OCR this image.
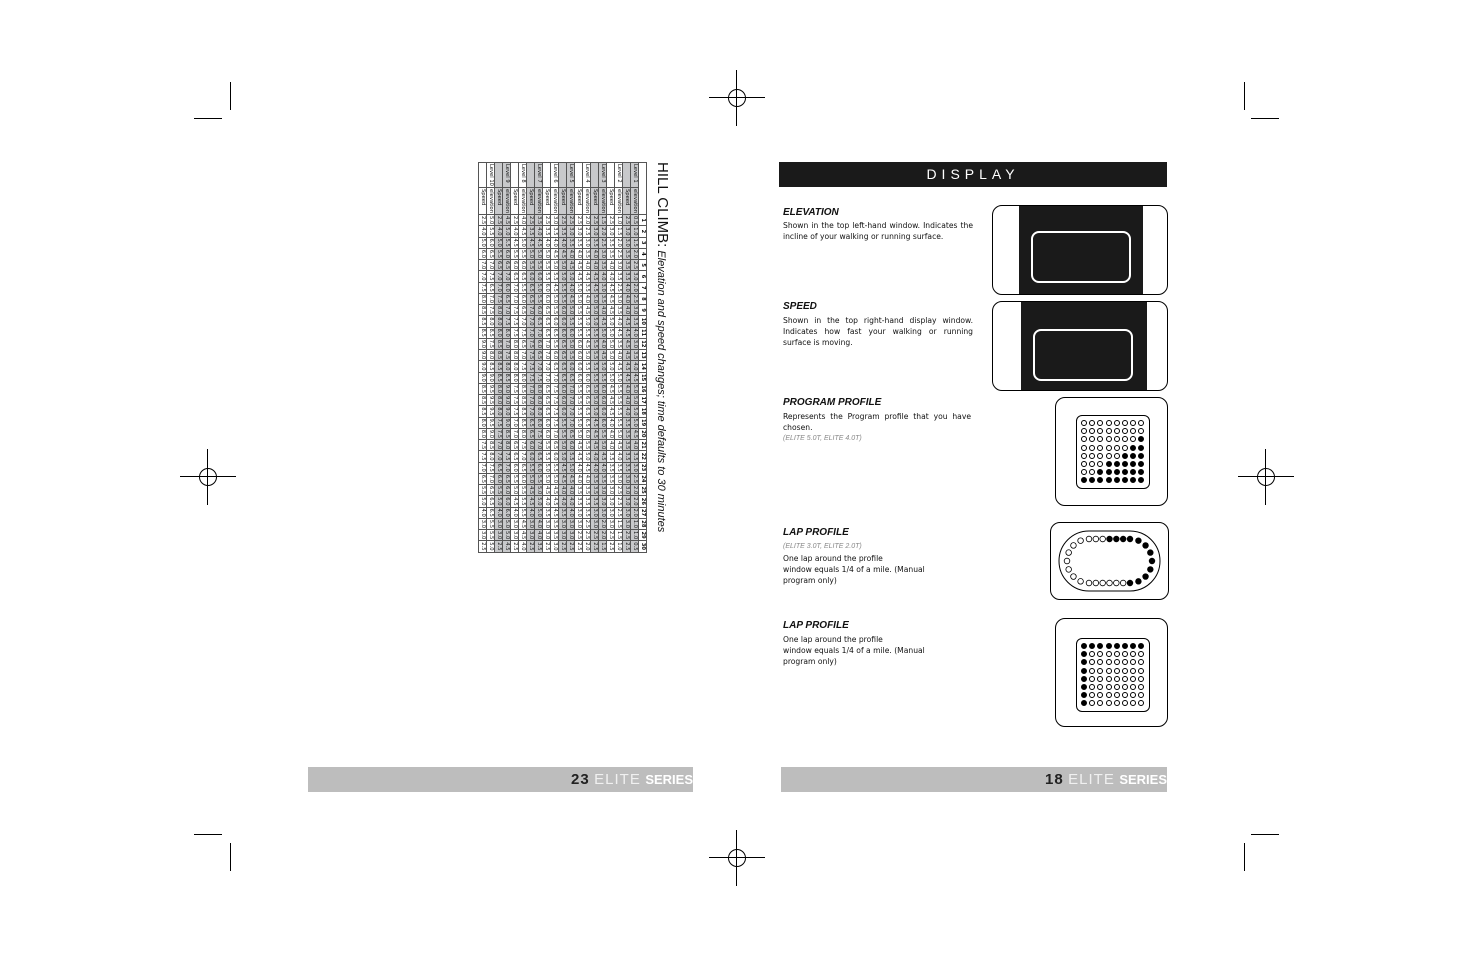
HILL CLIMB: Elevation and speed changes; time defaults to 30 minutes
		1	2	3	4	5	6	7	8	9	10	11	12	13	14	15	16	17	18	19	20	21	22	23	24	25	26	27	28	29	30
Level 1	elevation	0.5	1.0	1.5	2.0	2.5	3.0	2.0	2.5	3.0	3.5	4.0	3.0	3.5	4.0	4.5	5.0	5.0	5.0	5.0	4.5	4.0	3.5	3.0	2.5	2.0	2.0	2.0	1.0	1.0	0.5
	Speed	2.5	3.0	3.0	3.5	3.5	3.5	4.0	4.0	4.0	4.5	4.5	4.5	4.5	4.5	4.5	4.0	4.0	4.0	3.5	3.5	3.5	3.5	3.5	3.0	3.0	3.0	3.0	3.0	2.5	2.5
Level 2	elevation	1.0	1.5	2.0	2.5	3.0	3.5	2.5	3.0	3.5	4.0	4.5	3.5	4.0	4.5	5.0	5.5	5.5	5.5	5.5	5.0	4.5	4.0	3.5	3.0	2.5	2.5	2.5	1.5	1.5	1.0
	Speed	2.5	3.0	3.5	3.5	4.0	4.0	4.5	4.5	4.5	5.0	5.0	5.0	5.0	5.0	5.0	4.5	4.5	4.5	4.0	4.0	4.0	3.5	3.5	3.5	3.0	3.0	3.0	3.0	2.5	2.5
Level 3	elevation	1.5	2.0	2.5	3.0	3.5	4.0	3.0	3.5	4.0	4.5	5.0	4.0	4.5	5.0	5.5	6.0	6.0	6.0	6.0	5.5	5.0	4.5	4.0	3.5	3.0	3.0	3.0	2.0	2.0	1.5
	Speed	2.5	3.0	3.5	4.0	4.0	4.5	4.5	5.0	5.0	5.0	5.5	5.5	5.5	5.5	5.5	5.0	5.0	5.0	4.5	4.5	4.5	4.0	4.0	3.5	3.5	3.5	3.0	3.0	2.5	2.5
Level 4	elevation	2.0	2.5	3.0	3.5	4.0	4.5	3.5	4.0	4.5	5.0	5.5	4.5	5.0	5.5	6.0	6.5	6.5	6.5	6.5	6.0	5.5	5.0	4.5	4.0	3.5	3.5	3.5	2.5	2.5	2.0
	Speed	2.5	3.0	3.5	4.0	4.5	4.5	5.0	5.0	5.5	5.5	5.5	6.0	6.0	6.0	6.0	5.5	5.5	5.5	5.0	5.0	4.5	4.5	4.0	4.0	3.5	3.5	3.0	3.0	2.5	2.5
Level 5	elevation	2.5	3.0	3.5	4.0	4.5	5.0	4.0	4.5	5.0	5.5	6.0	5.0	5.5	6.0	6.5	7.0	7.0	7.0	7.0	6.5	6.0	5.5	5.0	4.5	4.0	4.0	4.0	3.0	3.0	2.5
	Speed	2.5	3.5	4.0	4.5	5.0	5.0	5.5	5.5	6.0	6.0	6.0	6.5	6.5	6.5	6.5	6.0	6.0	6.0	5.5	5.5	5.0	5.0	4.5	4.5	4.0	4.0	3.5	3.0	3.0	2.5
Level 6	elevation	3.0	3.5	4.0	4.5	5.0	5.5	4.5	5.0	5.5	6.0	6.5	5.5	6.0	6.5	7.0	7.5	7.5	7.5	7.5	7.0	6.5	6.0	5.5	5.0	4.5	4.5	4.5	3.5	3.5	3.0
	Speed	2.5	3.5	4.0	5.0	5.5	5.5	6.0	6.0	6.5	6.5	6.5	7.0	7.0	7.0	7.0	6.5	6.5	6.5	6.0	6.0	5.5	5.5	5.0	5.0	4.5	4.0	3.5	3.0	3.0	2.5
Level 7	elevation	3.5	4.0	4.5	5.0	5.5	6.0	5.0	5.5	6.0	6.5	7.0	6.0	6.5	7.0	7.5	8.0	8.0	8.0	8.0	7.5	7.0	6.5	6.0	5.5	5.0	5.0	5.0	4.0	4.0	3.5
	Speed	2.5	3.5	4.5	5.0	5.5	6.0	6.5	6.5	7.0	7.0	7.0	7.5	7.5	7.5	7.5	7.0	7.0	7.0	6.5	6.5	6.0	6.0	5.5	5.0	4.5	4.5	4.0	3.0	3.0	2.5
Level 8	elevation	4.0	4.5	5.0	5.5	6.0	6.5	5.5	6.0	6.5	7.0	7.5	6.5	7.0	7.5	8.0	8.5	8.5	8.5	8.5	8.0	7.5	7.0	6.5	6.0	5.5	5.5	5.5	4.5	4.5	4.0
	Speed	2.5	4.0	4.5	5.5	6.0	6.5	7.0	7.0	7.5	7.5	7.5	8.0	8.0	8.0	8.0	7.5	7.5	7.5	7.0	7.0	6.5	6.5	6.0	5.5	5.0	4.5	4.0	3.0	3.0	2.5
Level 9	elevation	4.5	5.0	5.5	6.0	6.5	7.0	6.0	6.5	7.0	7.5	8.0	7.0	7.5	8.0	8.5	9.0	9.0	9.0	9.0	8.5	8.0	7.5	7.0	6.5	6.0	6.0	6.0	5.0	5.0	4.5
	Speed	2.5	4.0	5.0	5.5	6.5	7.0	7.0	7.5	8.0	8.0	8.0	8.5	8.5	8.5	8.5	8.0	8.0	8.0	7.5	7.5	7.0	7.0	6.5	6.0	5.5	5.0	4.0	3.0	3.0	2.5
Level 10	elevation	5.0	5.5	6.0	6.5	7.0	7.5	6.5	7.0	7.5	8.0	8.5	7.5	8.0	8.5	9.0	9.5	9.5	9.5	9.5	9.0	8.5	8.0	7.5	7.0	6.5	6.5	6.5	5.5	5.5	5.0
	Speed	2.5	4.0	5.0	6.0	7.0	7.0	7.5	8.0	8.5	8.5	8.5	9.0	9.0	9.0	9.0	8.5	8.5	8.5	8.0	8.0	7.5	7.5	7.0	6.5	5.5	5.0	4.0	3.0	3.0	2.5
23 ELITE SERIES
DISPLAY
ELEVATION
Shown in the top left-hand window. Indicates the incline of your walking or running surface.
SPEED
Shown in the top right-hand display window. Indicates how fast your walking or running surface is moving.
PROGRAM PROFILE
Represents the Program profile that you have chosen.
(ELITE 5.0T, ELITE 4.0T)
LAP PROFILE
(ELITE 3.0T, ELITE 2.0T)
One lap around the profile
window equals 1/4 of a mile. (Manual
program only)
LAP PROFILE
One lap around the profile
window equals 1/4 of a mile. (Manual
program only)
18 ELITE SERIES
